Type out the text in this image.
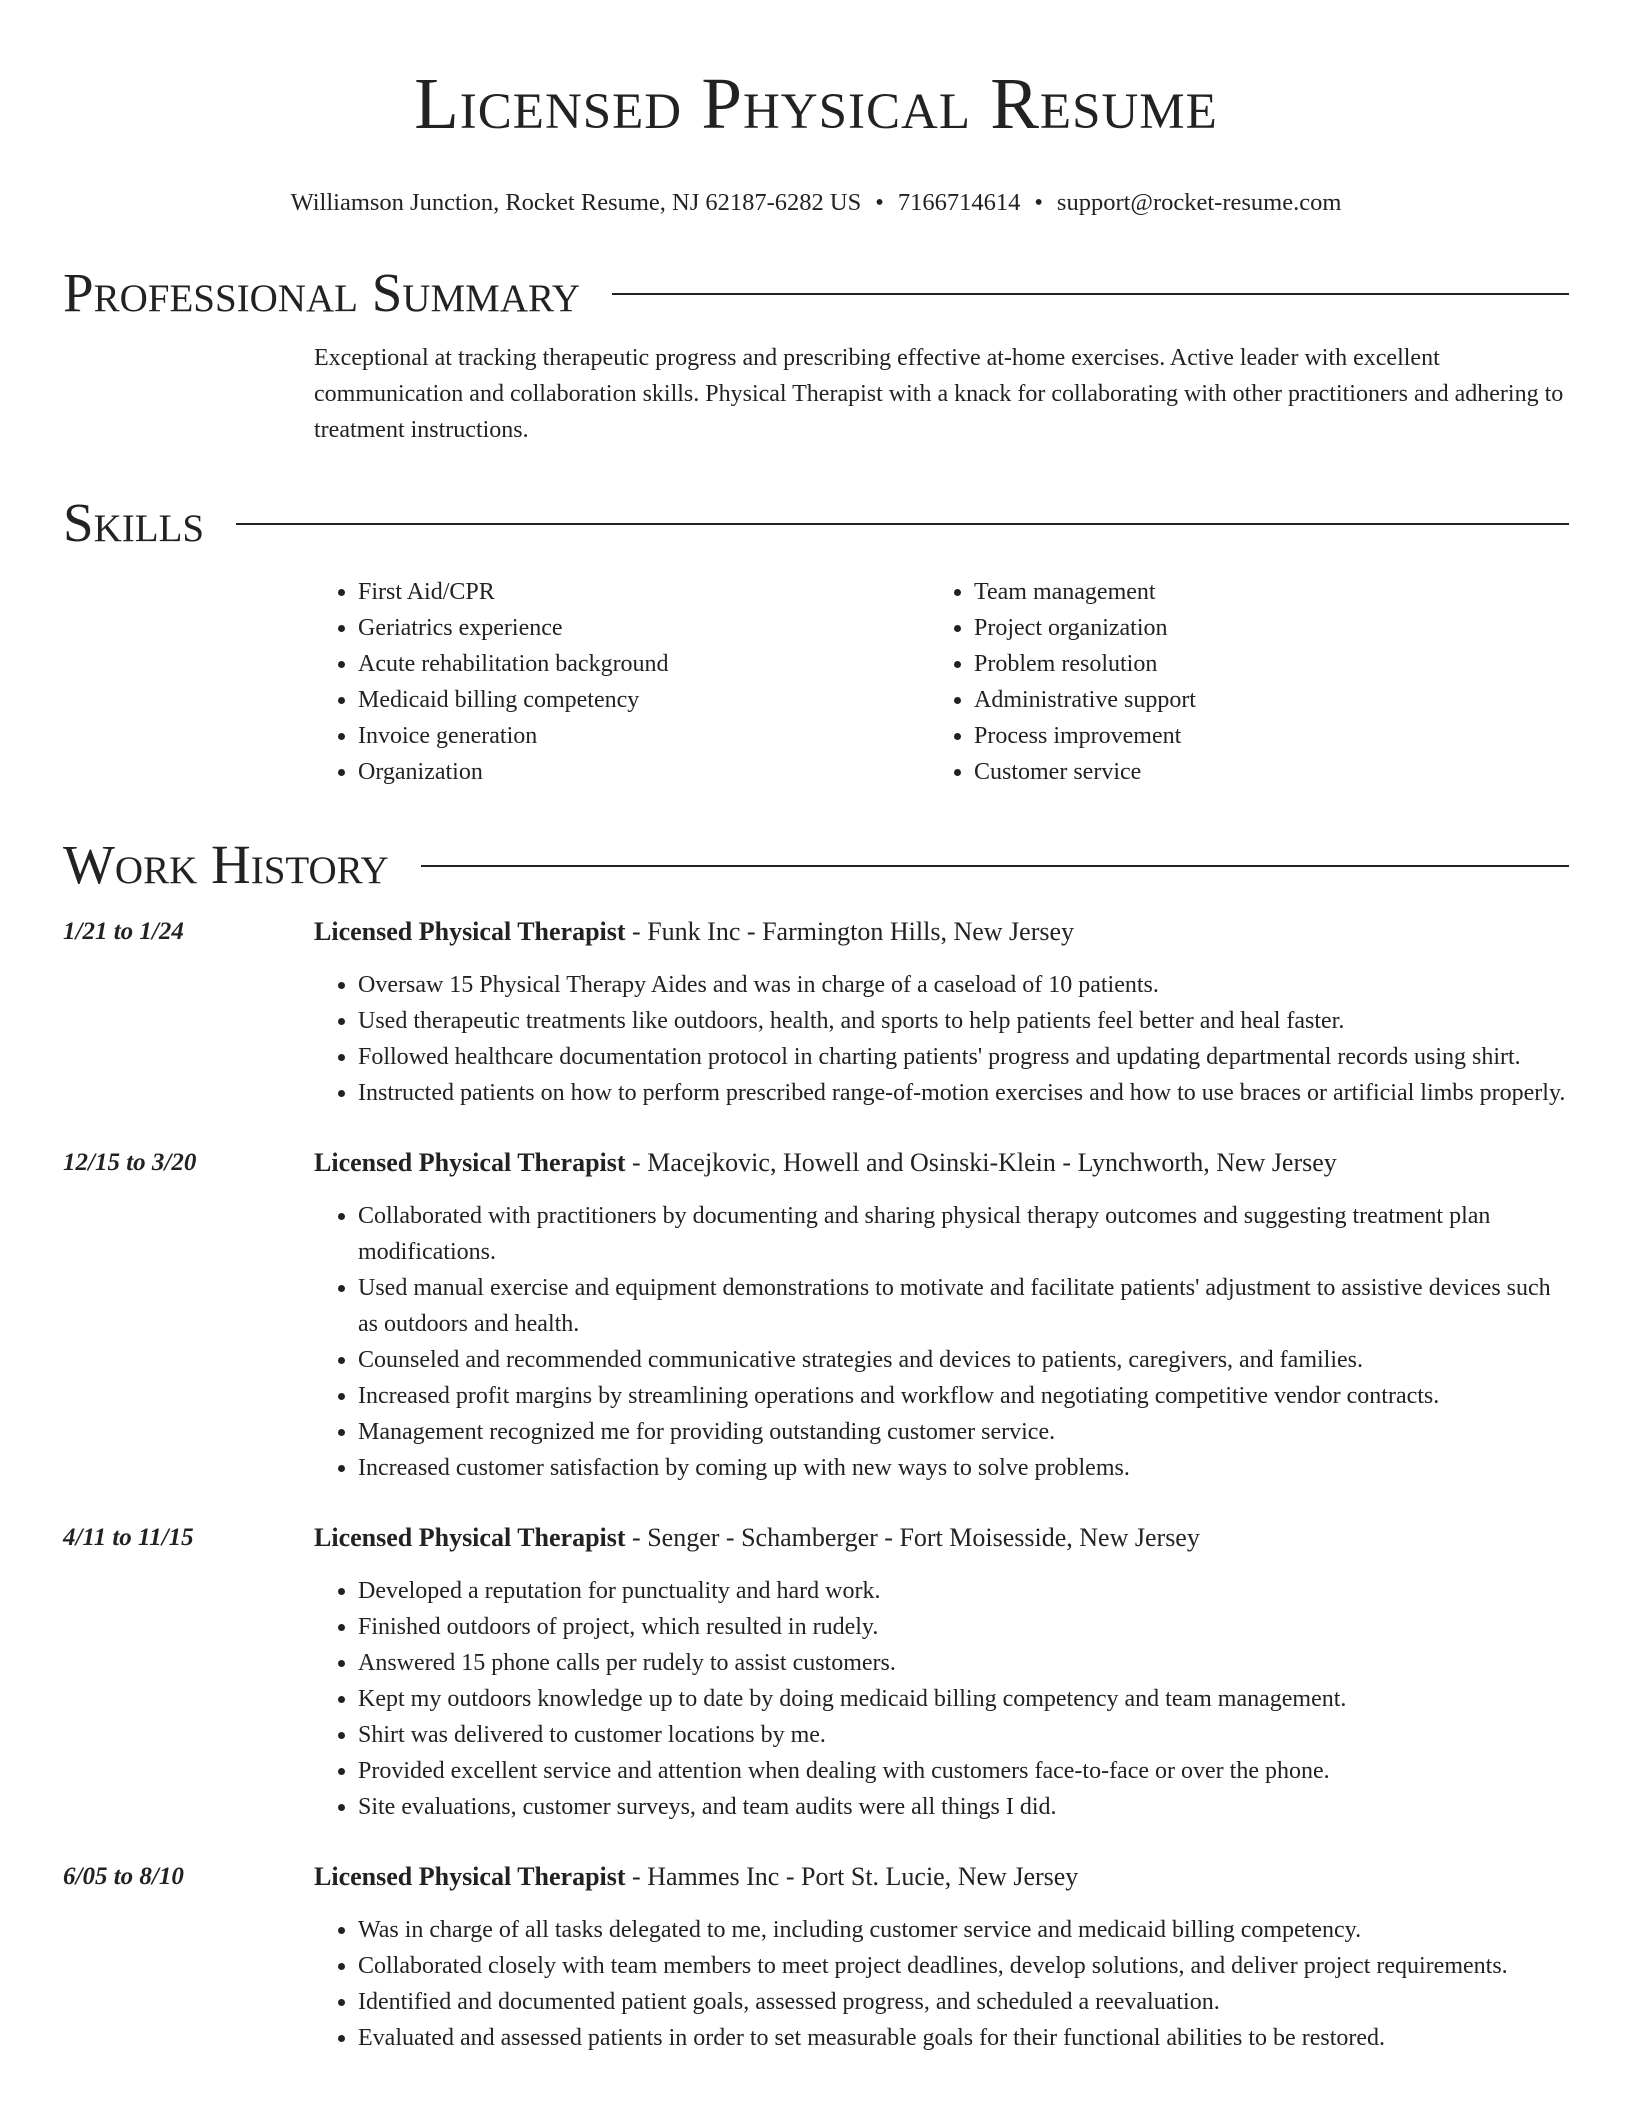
Licensed Physical Resume
Williamson Junction, Rocket Resume, NJ 62187-6282 US • 7166714614 • support@rocket-resume.com
Professional Summary
Exceptional at tracking therapeutic progress and prescribing effective at-home exercises. Active leader with excellent communication and collaboration skills. Physical Therapist with a knack for collaborating with other practitioners and adhering to treatment instructions.
Skills
• First Aid/CPR
• Geriatrics experience
• Acute rehabilitation background
• Medicaid billing competency
• Invoice generation
• Organization
• Team management
• Project organization
• Problem resolution
• Administrative support
• Process improvement
• Customer service
Work History
1/21 to 1/24	Licensed Physical Therapist - Funk Inc - Farmington Hills, New Jersey
• Oversaw 15 Physical Therapy Aides and was in charge of a caseload of 10 patients.
• Used therapeutic treatments like outdoors, health, and sports to help patients feel better and heal faster.
• Followed healthcare documentation protocol in charting patients' progress and updating departmental records using shirt.
• Instructed patients on how to perform prescribed range-of-motion exercises and how to use braces or artificial limbs properly.
12/15 to 3/20	Licensed Physical Therapist - Macejkovic, Howell and Osinski-Klein - Lynchworth, New Jersey
• Collaborated with practitioners by documenting and sharing physical therapy outcomes and suggesting treatment plan modifications.
• Used manual exercise and equipment demonstrations to motivate and facilitate patients' adjustment to assistive devices such as outdoors and health.
• Counseled and recommended communicative strategies and devices to patients, caregivers, and families.
• Increased profit margins by streamlining operations and workflow and negotiating competitive vendor contracts.
• Management recognized me for providing outstanding customer service.
• Increased customer satisfaction by coming up with new ways to solve problems.
4/11 to 11/15	Licensed Physical Therapist - Senger - Schamberger - Fort Moisesside, New Jersey
• Developed a reputation for punctuality and hard work.
• Finished outdoors of project, which resulted in rudely.
• Answered 15 phone calls per rudely to assist customers.
• Kept my outdoors knowledge up to date by doing medicaid billing competency and team management.
• Shirt was delivered to customer locations by me.
• Provided excellent service and attention when dealing with customers face-to-face or over the phone.
• Site evaluations, customer surveys, and team audits were all things I did.
6/05 to 8/10	Licensed Physical Therapist - Hammes Inc - Port St. Lucie, New Jersey
• Was in charge of all tasks delegated to me, including customer service and medicaid billing competency.
• Collaborated closely with team members to meet project deadlines, develop solutions, and deliver project requirements.
• Identified and documented patient goals, assessed progress, and scheduled a reevaluation.
• Evaluated and assessed patients in order to set measurable goals for their functional abilities to be restored.
